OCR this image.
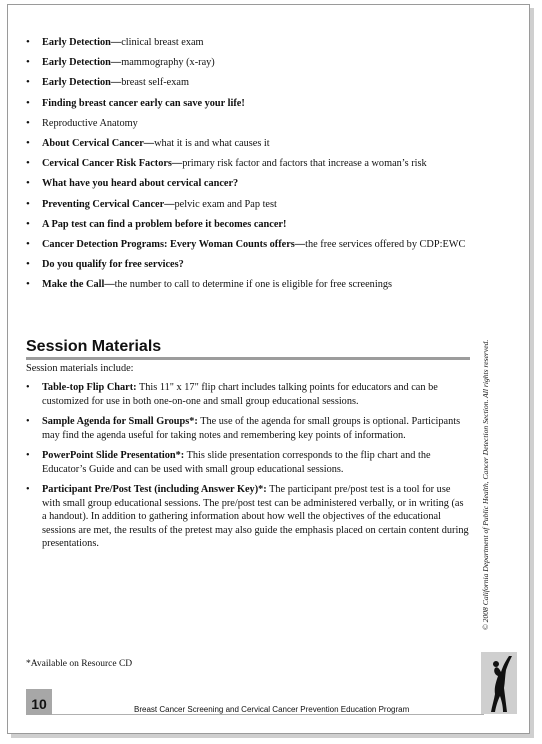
• Early Detection—clinical breast exam
• Early Detection—mammography (x-ray)
• Early Detection—breast self-exam
• Finding breast cancer early can save your life!
• Reproductive Anatomy
• About Cervical Cancer—what it is and what causes it
• Cervical Cancer Risk Factors—primary risk factor and factors that increase a woman’s risk
• What have you heard about cervical cancer?
• Preventing Cervical Cancer—pelvic exam and Pap test
• A Pap test can find a problem before it becomes cancer!
• Cancer Detection Programs: Every Woman Counts offers—the free services offered by CDP:EWC
• Do you qualify for free services?
• Make the Call—the number to call to determine if one is eligible for free screenings
Session Materials

Session materials include:

• Table-top Flip Chart: This 11" x 17" flip chart includes talking points for educators and can be customized for use in both one-on-one and small group educational sessions.
• Sample Agenda for Small Groups*: The use of the agenda for small groups is optional. Participants may find the agenda useful for taking notes and remembering key points of information.
• PowerPoint Slide Presentation*: This slide presentation corresponds to the flip chart and the Educator’s Guide and can be used with small group educational sessions.
• Participant Pre/Post Test (including Answer Key)*: The participant pre/post test is a tool for use with small group educational sessions. The pre/post test can be administered verbally, or in writing (as a handout). In addition to gathering information about how well the objectives of the educational sessions are met, the results of the pretest may also guide the emphasis placed on certain content during presentations.

*Available on Resource CD

10	Breast Cancer Screening and Cervical Cancer Prevention Education Program
© 2008 California Department of Public Health, Cancer Detection Section. All rights reserved.
